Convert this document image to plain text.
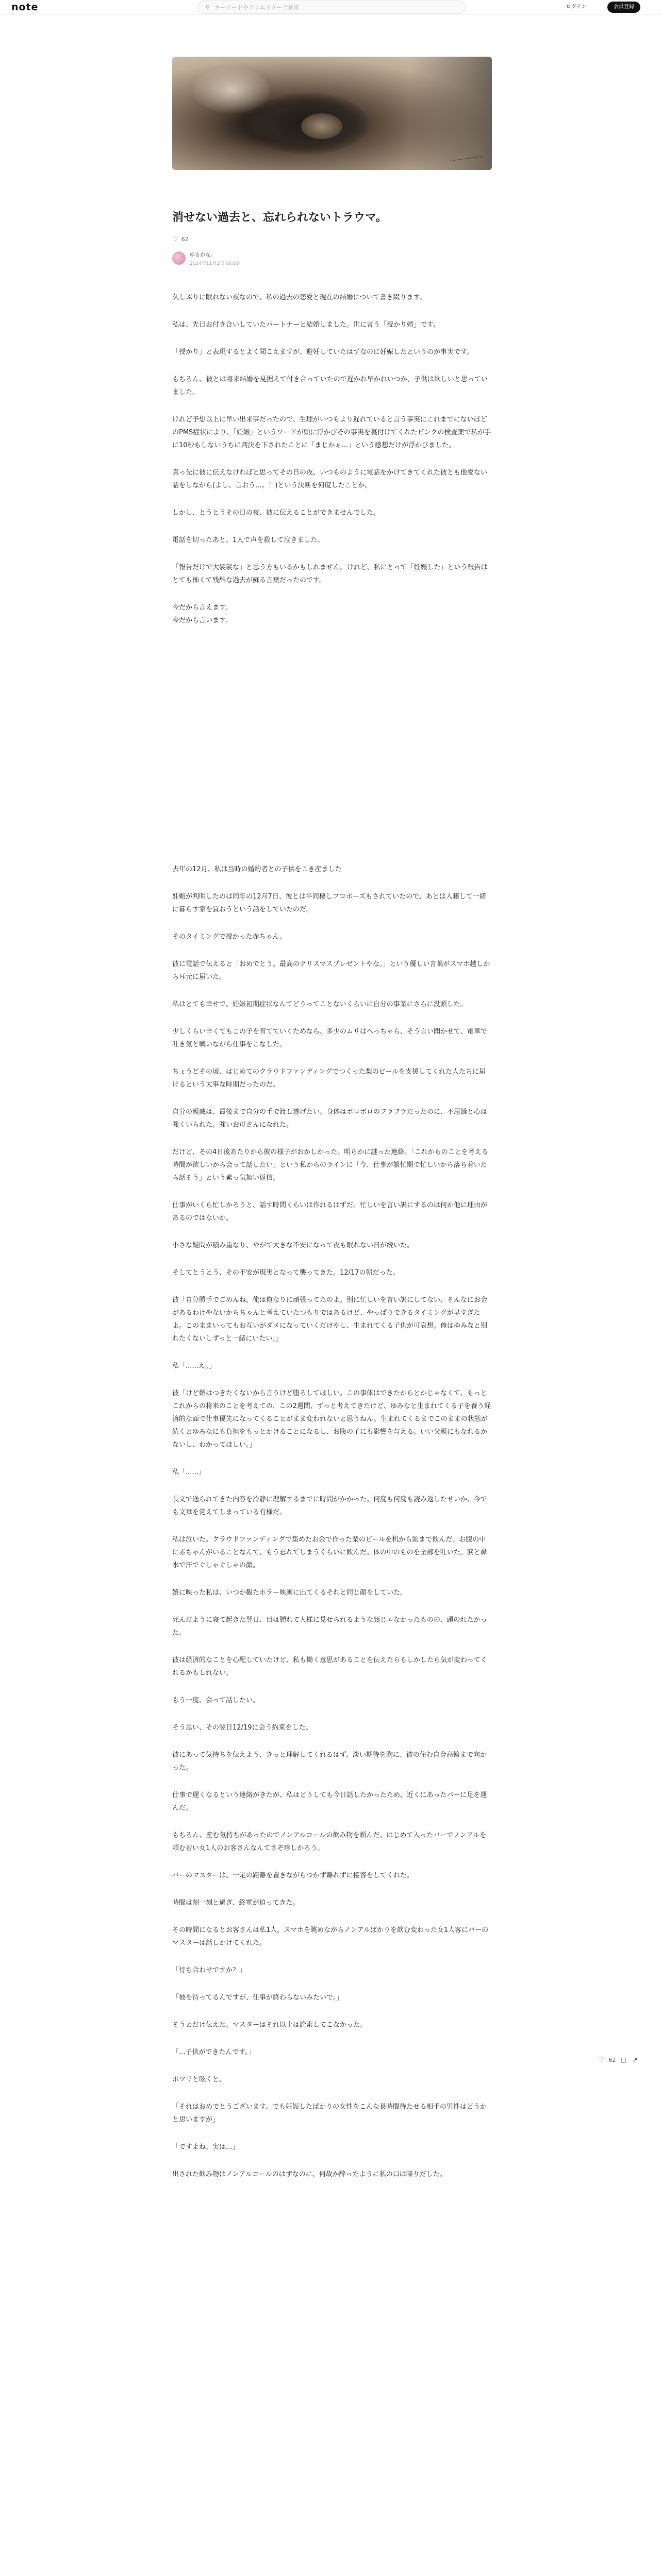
note	⚲
キーワードやクリエイターで検索	ログイン	会員登録
消せない過去と、忘れられないトラウマ。
♡ 62
ゆるかな。
2024年11月2日 06:05

久しぶりに眠れない夜なので、私の過去の恋愛と現在の結婚について書き綴ります。

私は、先日お付き合いしていたパートナーと結婚しました。世に言う「授かり婚」です。

「授かり」と表現するとよく聞こえますが、避妊していたはずなのに妊娠したというのが事実です。

もちろん、彼とは将来結婚を見据えて付き合っていたので遅かれ早かれいつか、子供は欲しいと思っていました。

けれど予想以上に早い出来事だったので、生理がいつもより遅れていると言う事実にこれまでにないほどのPMS症状により、「妊娠」というワードが頭に浮かびその事実を裏付けてくれたピンクの検査薬で私が手に10秒もしないうちに判決を下されたことに「まじかぁ...」という感想だけが浮かびました。

真っ先に彼に伝えなければと思ってその日の夜、いつものように電話をかけてきてくれた彼とも他愛ない話をしながら(よし、言おう...。！)という決断を何度したことか。

しかし、とうとうその日の夜、彼に伝えることができませんでした。

電話を切ったあと、1人で声を殺して泣きました。

「報告だけで大袈裟な」と思う方もいるかもしれません。けれど、私にとって「妊娠した」という報告はとても怖くて残酷な過去が蘇る言葉だったのです。

今だから言えます。
今だから言います。

去年の12月、私は当時の婚約者との子供をこき産ました

妊娠が判明したのは同年の12月7日、彼とは半同棲しプロポーズもされていたので、あとは入籍して一緒に暮らす家を買おうという話をしていたのだ。

そのタイミングで授かった赤ちゃん。

彼に電話で伝えると「おめでとう。最高のクリスマスプレゼントやな。」という優しい言葉がスマホ越しから耳元に届いた。

私はとても幸せで、妊娠初期症状なんてどうってことないくらいに自分の事業にさらに没頭した。

少しくらい辛くてもこの子を育てていくためなら、多少のムリはへっちゃら、そう言い聞かせて、電車で吐き気と戦いながら仕事をこなした。

ちょうどその頃、はじめてのクラウドファンディングでつくった梨のビールを支援してくれた人たちに届けるという大事な時期だったのだ。

自分の親戚は、最後まで自分の手で渡し遂げたい。身体はボロボロのフラフラだったのに、不思議と心は強くいられた。強いお母さんになれた。

だけど、その4日後あたりから彼の様子がおかしかった。明らかに謎った連絡。「これからのことを考える時間が欲しいから会って話したい」という私からのラインに「今、仕事が繁忙期で忙しいから落ち着いたら話そう」という素っ気無い返信。

仕事がいくら忙しかろうと、話す時間くらいは作れるはずだ。忙しいを言い訳にするのは何か他に理由があるのではないか。

小さな疑問が積み重なり、やがて大きな不安になって夜も眠れない日が続いた。

そしてとうとう、その不安が現実となって襲ってきた。12/17の朝だった。

彼「自分勝手でごめんね。俺は俺なりに頑張ってたのよ。別に忙しいを言い訳にしてない。そんなにお金があるわけやないからちゃんと考えていたつもりではあるけど、やっぱりできるタイミングが早すぎたよ。このままいってもお互いがダメになっていくだけやし、生まれてくる子供が可哀想。俺はゆみなと別れたくないしずっと一緒にいたい。」

私「......え。」

彼「けど媚はつきたくないから言うけど堕ろしてほしい。この事体はできたからとかじゃなくて、もっとこれからの将来のことを考えての、この2週間、ずっと考えてきたけど、ゆみなと生まれてくる子を養う経済的な面で仕事優先になってくることがまま変われないと思うねん。生まれてくるまでこのままの状態が続くとゆみなにも負担をもっとかけることになるし、お腹の子にも影響を与える。いい父親にもなれるかないし、わかってほしい。」

私「......」

長文で送られてきた内容を冷静に理解するまでに時間がかかった。何度も何度も読み返したせいか、今でも文章を覚えてしまっている有様だ。

私は泣いた。クラウドファンディングで集めたお金で作った梨のビールを机から頭まで飲んだ。お腹の中に赤ちゃんがいることなんて、もう忘れてしまうくらいに飲んだ。体の中のものを全部を吐いた。涙と鼻水で汗でぐしゃぐしゃの顔。

嬉に映った私は、いつか観たホラー映画に出てくるそれと同じ顔をしていた。

死んだように寝て起きた翌日、目は腫れて人様に見せられるような顔じゃなかったものの、頭のれたかった。

彼は経済的なことを心配していたけど、私も働く意思があることを伝えたらもしかしたら気が変わってくれるかもしれない。

もう一度、会って話したい。

そう思い、その翌日12/19に会う約束をした。

彼にあって気持ちを伝えよう、きっと理解してくれるはず。淡い期待を胸に、彼の住む自金高輪まで向かった。

仕事で遅くなるという連絡がきたが、私はどうしても今日話したかったため、近くにあったバーに足を運んだ。

もちろん、産む気持ちがあったのでノンアルコールの飲み物を頼んだ。はじめて入ったバーでノンアルを頼む若い女1人のお客さんなんてさぞ珍しかろう。

バーのマスターは、一定の距離を置きながらつかず離れずに接客をしてくれた。

時間は刻一刻と過ぎ、終電が迫ってきた。

その時間になるとお客さんは私1人。スマホを眺めながらノンアルばかりを飲む変わった女1人客にバーのマスターは話しかけてくれた。

「待ち合わせですか？」

「彼を待ってるんですが、仕事が終わらないみたいで。」

そうとだけ伝えた。マスターはそれ以上は詮索してこなかった。

「...子供ができたんです。」

ポツリと呟くと、

「それはおめでとうございます。でも妊娠したばかりの女性をこんな長時間待たせる相手の男性はどうかと思いますが」

「ですよね、実は...」

出された飲み物はノンアルコールのはずなのに、何故か酔ったように私の口は喋りだした。

♡ 62 □ ↗
